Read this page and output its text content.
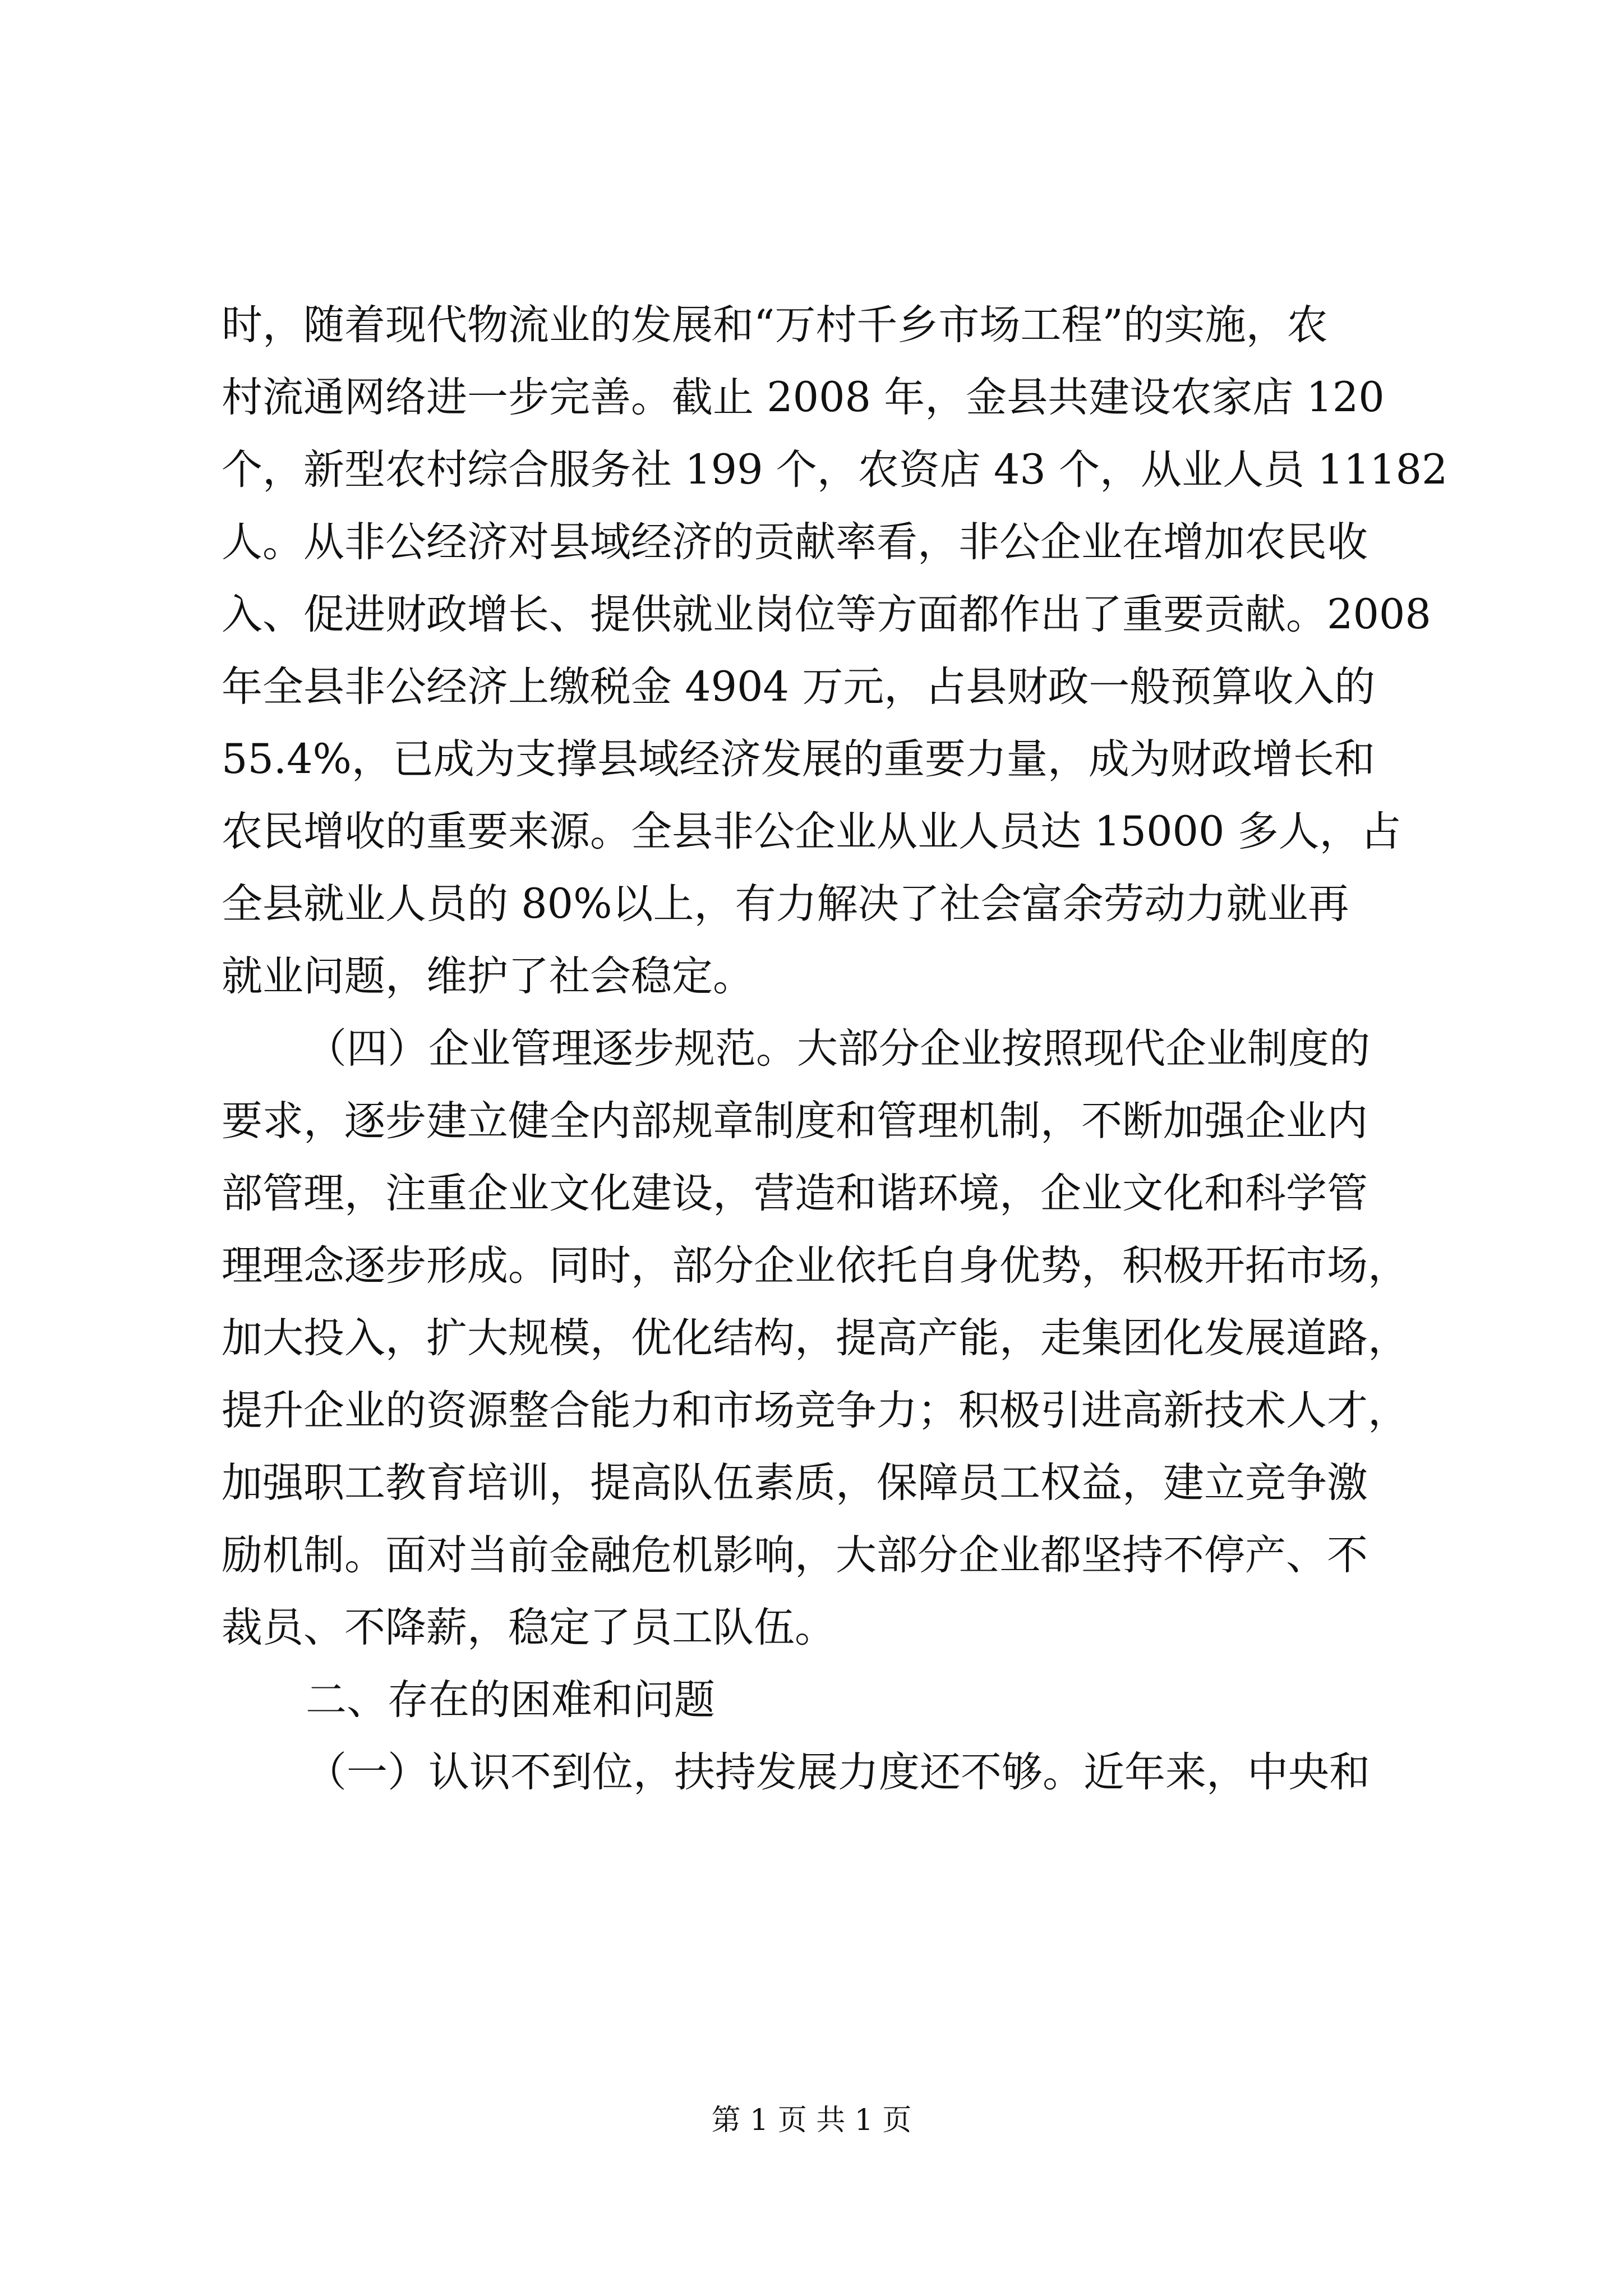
时，随着现代物流业的发展和“万村千乡市场工程”的实施，农
村流通网络进一步完善。截止 2008 年，金县共建设农家店 120
个，新型农村综合服务社 199 个，农资店 43 个，从业人员 11182
人。从非公经济对县域经济的贡献率看，非公企业在增加农民收
入、促进财政增长、提供就业岗位等方面都作出了重要贡献。2008
年全县非公经济上缴税金 4904 万元，占县财政一般预算收入的
55.4%，已成为支撑县域经济发展的重要力量，成为财政增长和
农民增收的重要来源。全县非公企业从业人员达 15000 多人，占
全县就业人员的 80%以上，有力解决了社会富余劳动力就业再
就业问题，维护了社会稳定。
（四）企业管理逐步规范。大部分企业按照现代企业制度的
要求，逐步建立健全内部规章制度和管理机制，不断加强企业内
部管理，注重企业文化建设，营造和谐环境，企业文化和科学管
理理念逐步形成。同时，部分企业依托自身优势，积极开拓市场，
加大投入，扩大规模，优化结构，提高产能，走集团化发展道路，
提升企业的资源整合能力和市场竞争力；积极引进高新技术人才，
加强职工教育培训，提高队伍素质，保障员工权益，建立竞争激
励机制。面对当前金融危机影响，大部分企业都坚持不停产、不
裁员、不降薪，稳定了员工队伍。
二、存在的困难和问题
（一）认识不到位，扶持发展力度还不够。近年来，中央和
第 1 页 共 1 页
